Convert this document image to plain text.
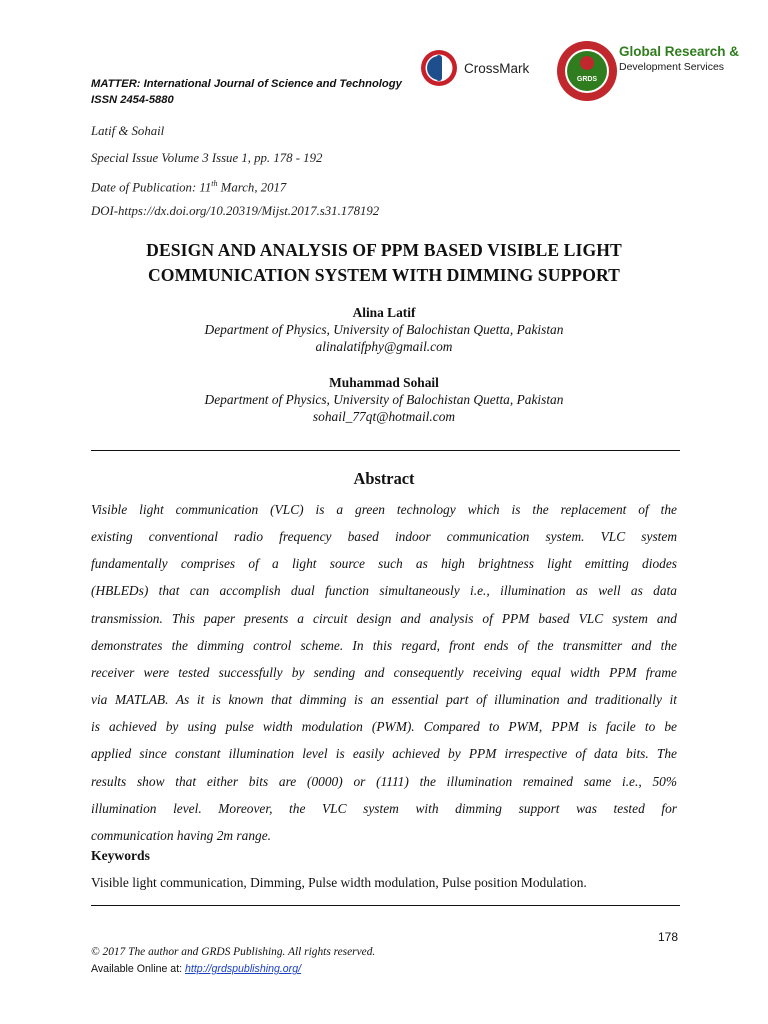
MATTER: International Journal of Science and Technology
ISSN 2454-5880
CrossMark
GRDS
Global Research &
Development Services
Latif & Sohail
Special Issue Volume 3 Issue 1, pp. 178 - 192
Date of Publication: 11th March, 2017
DOI-https://dx.doi.org/10.20319/Mijst.2017.s31.178192
DESIGN AND ANALYSIS OF PPM BASED VISIBLE LIGHT
COMMUNICATION SYSTEM WITH DIMMING SUPPORT
Alina Latif
Department of Physics, University of Balochistan Quetta, Pakistan
alinalatifphy@gmail.com
Muhammad Sohail
Department of Physics, University of Balochistan Quetta, Pakistan
sohail_77qt@hotmail.com
Abstract
Visible light communication (VLC) is a green technology which is the replacement of the
existing conventional radio frequency based indoor communication system. VLC system
fundamentally comprises of a light source such as high brightness light emitting diodes
(HBLEDs) that can accomplish dual function simultaneously i.e., illumination as well as data
transmission. This paper presents a circuit design and analysis of PPM based VLC system and
demonstrates the dimming control scheme. In this regard, front ends of the transmitter and the
receiver were tested successfully by sending and consequently receiving equal width PPM frame
via MATLAB. As it is known that dimming is an essential part of illumination and traditionally it
is achieved by using pulse width modulation (PWM). Compared to PWM, PPM is facile to be
applied since constant illumination level is easily achieved by PPM irrespective of data bits. The
results show that either bits are (0000) or (1111) the illumination remained same i.e., 50%
illumination level. Moreover, the VLC system with dimming support was tested for
communication having 2m range.
Keywords
Visible light communication, Dimming, Pulse width modulation, Pulse position Modulation.
178
© 2017 The author and GRDS Publishing. All rights reserved.
Available Online at: http://grdspublishing.org/
